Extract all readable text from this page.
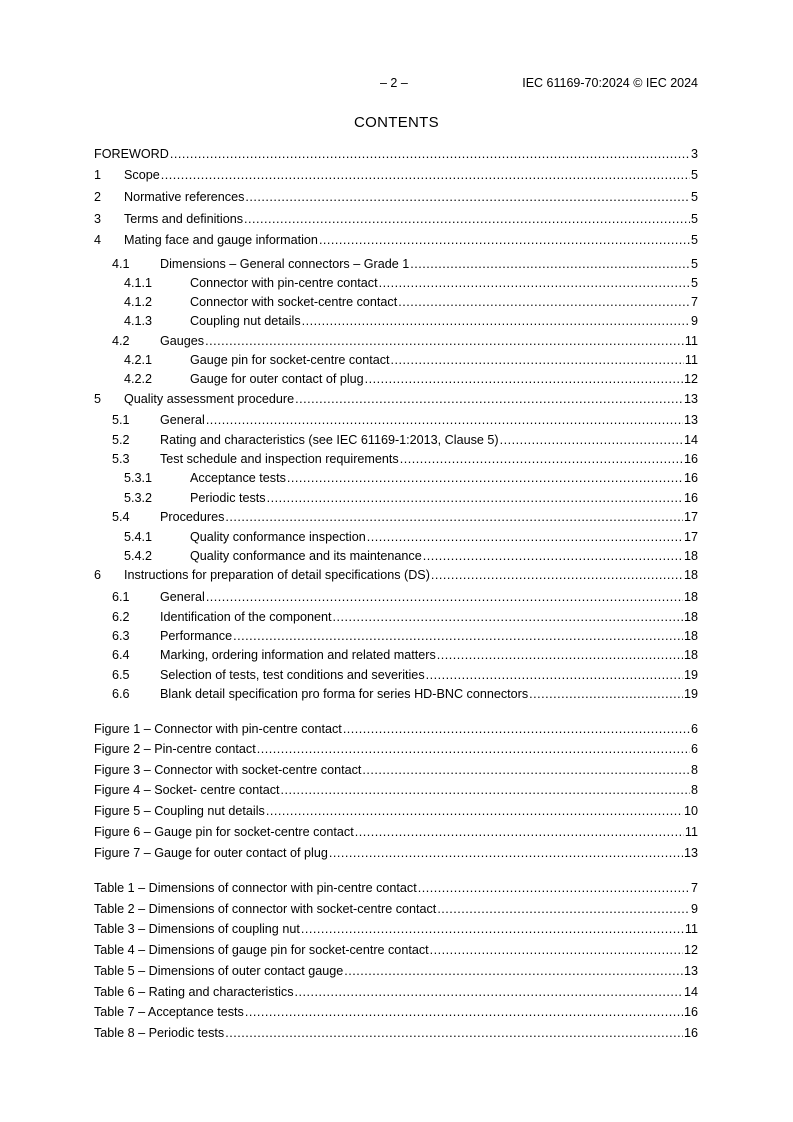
– 2 –	IEC 61169-70:2024 © IEC 2024
CONTENTS
FOREWORD .....	3
1	Scope .....	5
2	Normative references .....	5
3	Terms and definitions .....	5
4	Mating face and gauge information .....	5
4.1	Dimensions – General connectors – Grade 1 .....	5
4.1.1	Connector with pin-centre contact .....	5
4.1.2	Connector with socket-centre contact .....	7
4.1.3	Coupling nut details .....	9
4.2	Gauges .....	11
4.2.1	Gauge pin for socket-centre contact .....	11
4.2.2	Gauge for outer contact of plug .....	12
5	Quality assessment procedure .....	13
5.1	General .....	13
5.2	Rating and characteristics (see IEC 61169-1:2013, Clause 5) .....	14
5.3	Test schedule and inspection requirements .....	16
5.3.1	Acceptance tests .....	16
5.3.2	Periodic tests .....	16
5.4	Procedures .....	17
5.4.1	Quality conformance inspection .....	17
5.4.2	Quality conformance and its maintenance .....	18
6	Instructions for preparation of detail specifications (DS) .....	18
6.1	General .....	18
6.2	Identification of the component .....	18
6.3	Performance .....	18
6.4	Marking, ordering information and related matters .....	18
6.5	Selection of tests, test conditions and severities .....	19
6.6	Blank detail specification pro forma for series HD-BNC connectors .....	19
Figure 1 – Connector with pin-centre contact .....	6
Figure 2 – Pin-centre contact .....	6
Figure 3 – Connector with socket-centre contact .....	8
Figure 4 – Socket- centre contact .....	8
Figure 5 – Coupling nut details .....	10
Figure 6 – Gauge pin for socket-centre contact .....	11
Figure 7 – Gauge for outer contact of plug .....	13
Table 1 – Dimensions of connector with pin-centre contact .....	7
Table 2 – Dimensions of connector with socket-centre contact .....	9
Table 3 – Dimensions of coupling nut .....	11
Table 4 – Dimensions of gauge pin for socket-centre contact .....	12
Table 5 – Dimensions of outer contact gauge .....	13
Table 6 – Rating and characteristics .....	14
Table 7 – Acceptance tests .....	16
Table 8 – Periodic tests .....	16
